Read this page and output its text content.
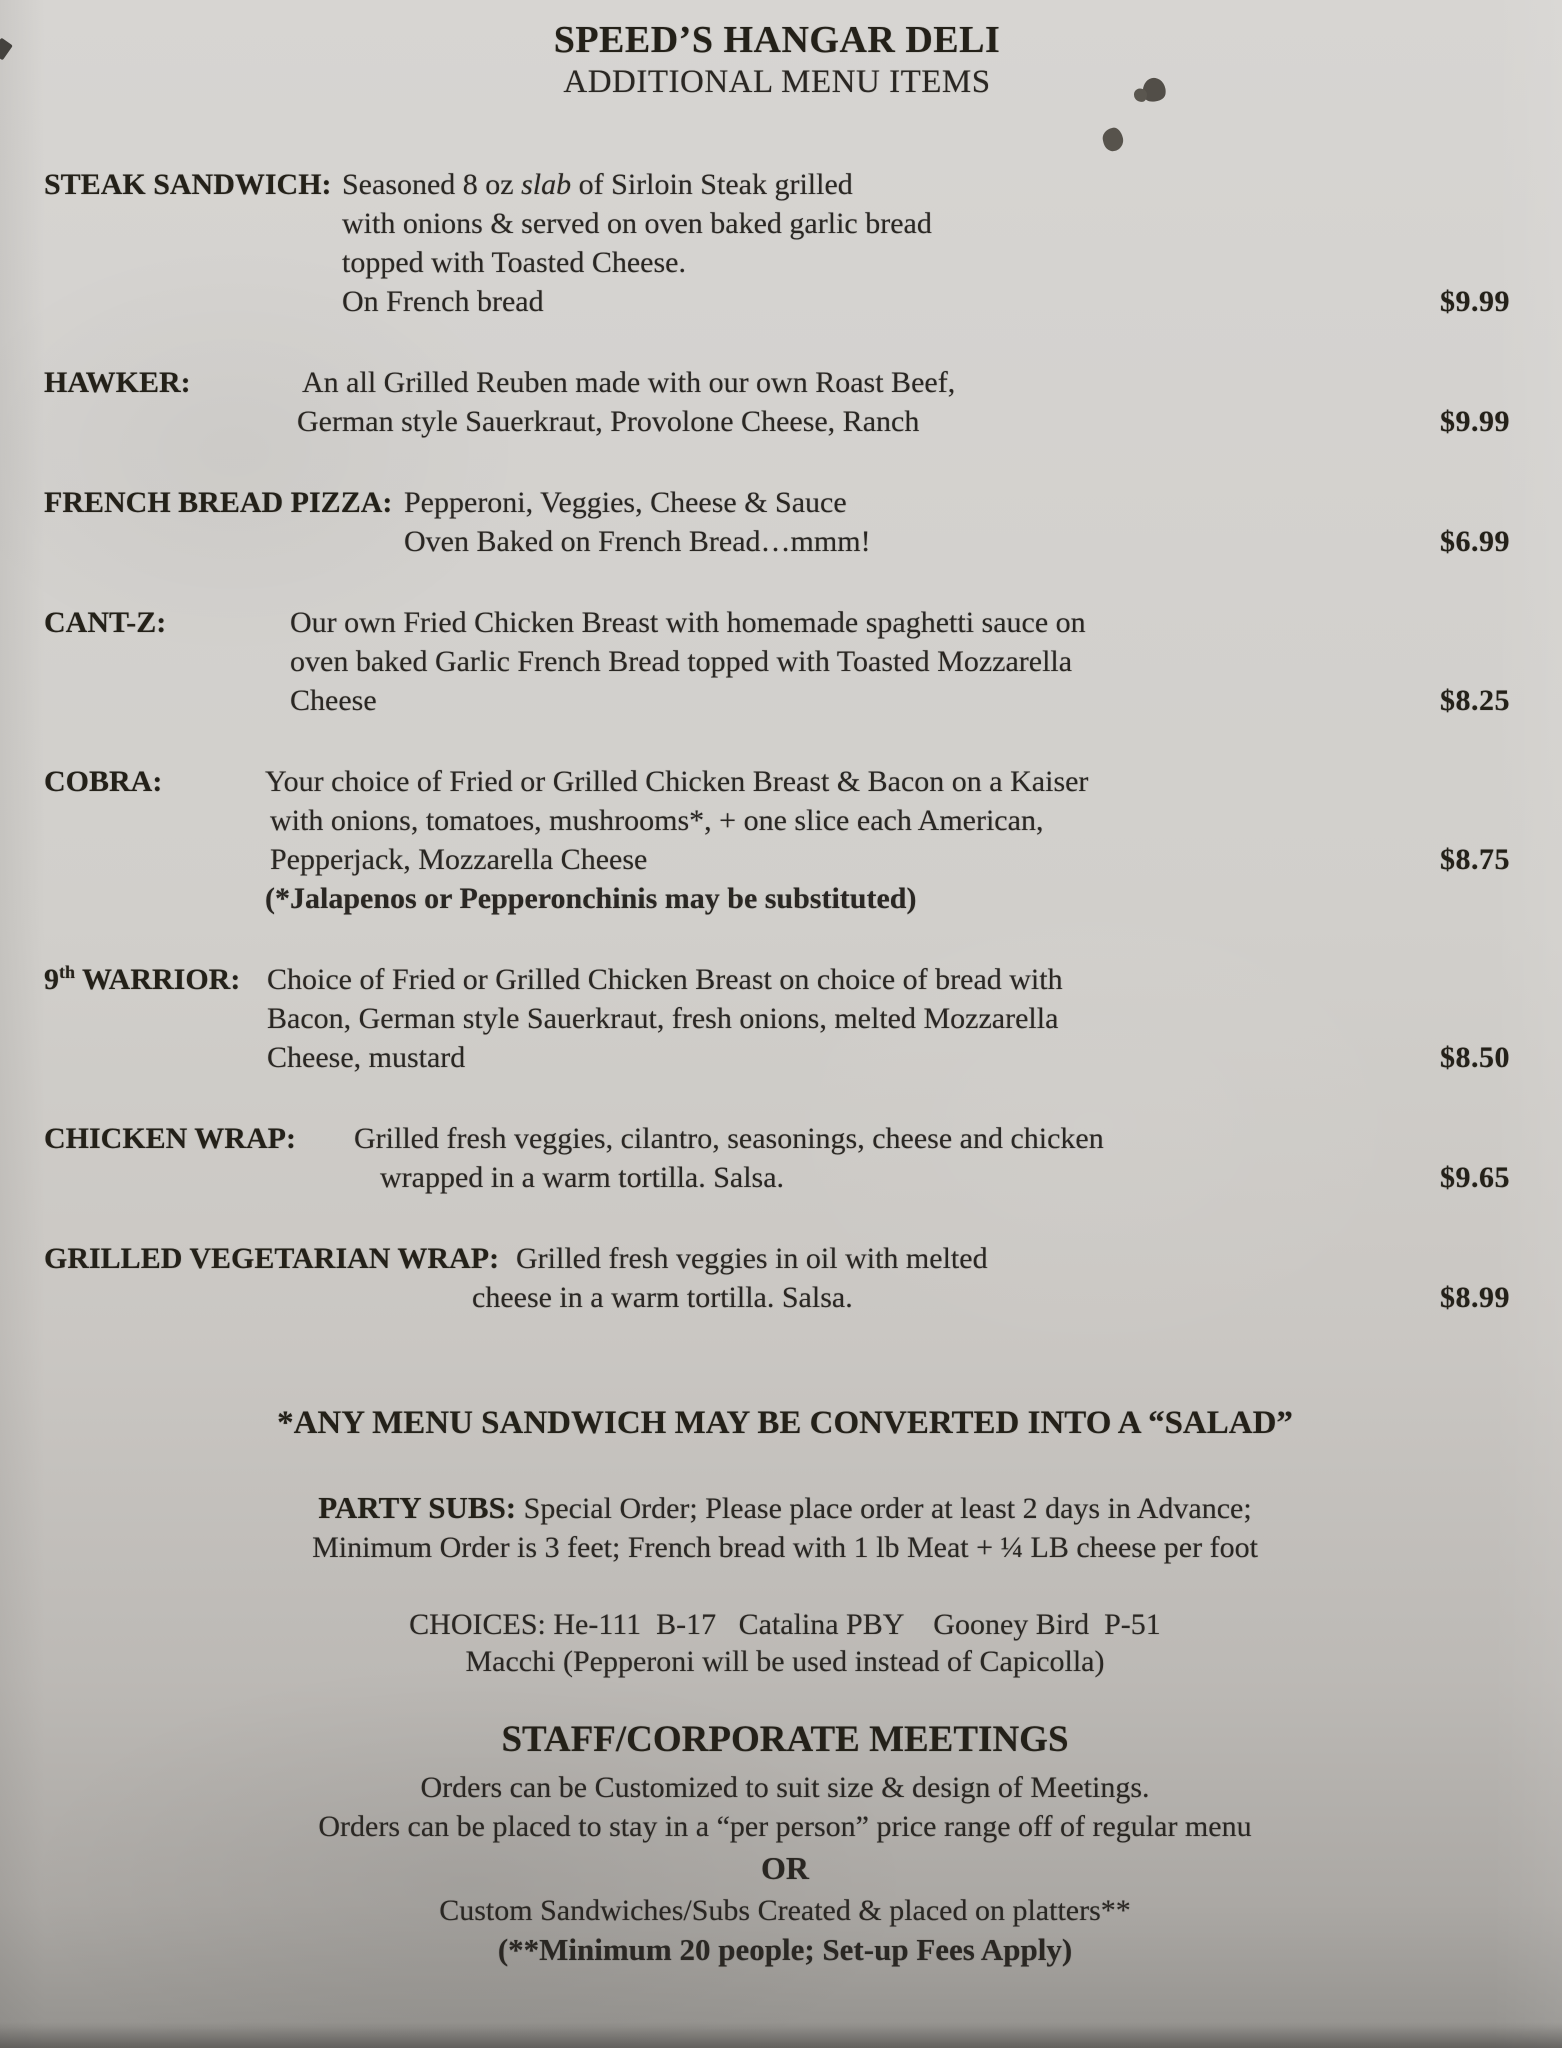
SPEED’S HANGAR DELI
ADDITIONAL MENU ITEMS
STEAK SANDWICH: Seasoned 8 oz slab of Sirloin Steak grilled
with onions & served on oven baked garlic bread
topped with Toasted Cheese.
On French bread	$9.99
HAWKER:	An all Grilled Reuben made with our own Roast Beef,
German style Sauerkraut, Provolone Cheese, Ranch	$9.99
FRENCH BREAD PIZZA: Pepperoni, Veggies, Cheese & Sauce
Oven Baked on French Bread…mmm!	$6.99
CANT-Z:	Our own Fried Chicken Breast with homemade spaghetti sauce on
oven baked Garlic French Bread topped with Toasted Mozzarella
Cheese	$8.25
COBRA:	Your choice of Fried or Grilled Chicken Breast & Bacon on a Kaiser
with onions, tomatoes, mushrooms*, + one slice each American,
Pepperjack, Mozzarella Cheese	$8.75
(*Jalapenos or Pepperonchinis may be substituted)
9th WARRIOR: Choice of Fried or Grilled Chicken Breast on choice of bread with
Bacon, German style Sauerkraut, fresh onions, melted Mozzarella
Cheese, mustard	$8.50
CHICKEN WRAP:	Grilled fresh veggies, cilantro, seasonings, cheese and chicken
wrapped in a warm tortilla. Salsa.	$9.65
GRILLED VEGETARIAN WRAP: Grilled fresh veggies in oil with melted
cheese in a warm tortilla. Salsa.	$8.99
*ANY MENU SANDWICH MAY BE CONVERTED INTO A “SALAD”
PARTY SUBS: Special Order; Please place order at least 2 days in Advance;
Minimum Order is 3 feet; French bread with 1 lb Meat + ¼ LB cheese per foot
CHOICES: He-111  B-17   Catalina PBY    Gooney Bird  P-51
Macchi (Pepperoni will be used instead of Capicolla)
STAFF/CORPORATE MEETINGS
Orders can be Customized to suit size & design of Meetings.
Orders can be placed to stay in a “per person” price range off of regular menu
OR
Custom Sandwiches/Subs Created & placed on platters**
(**Minimum 20 people; Set-up Fees Apply)
